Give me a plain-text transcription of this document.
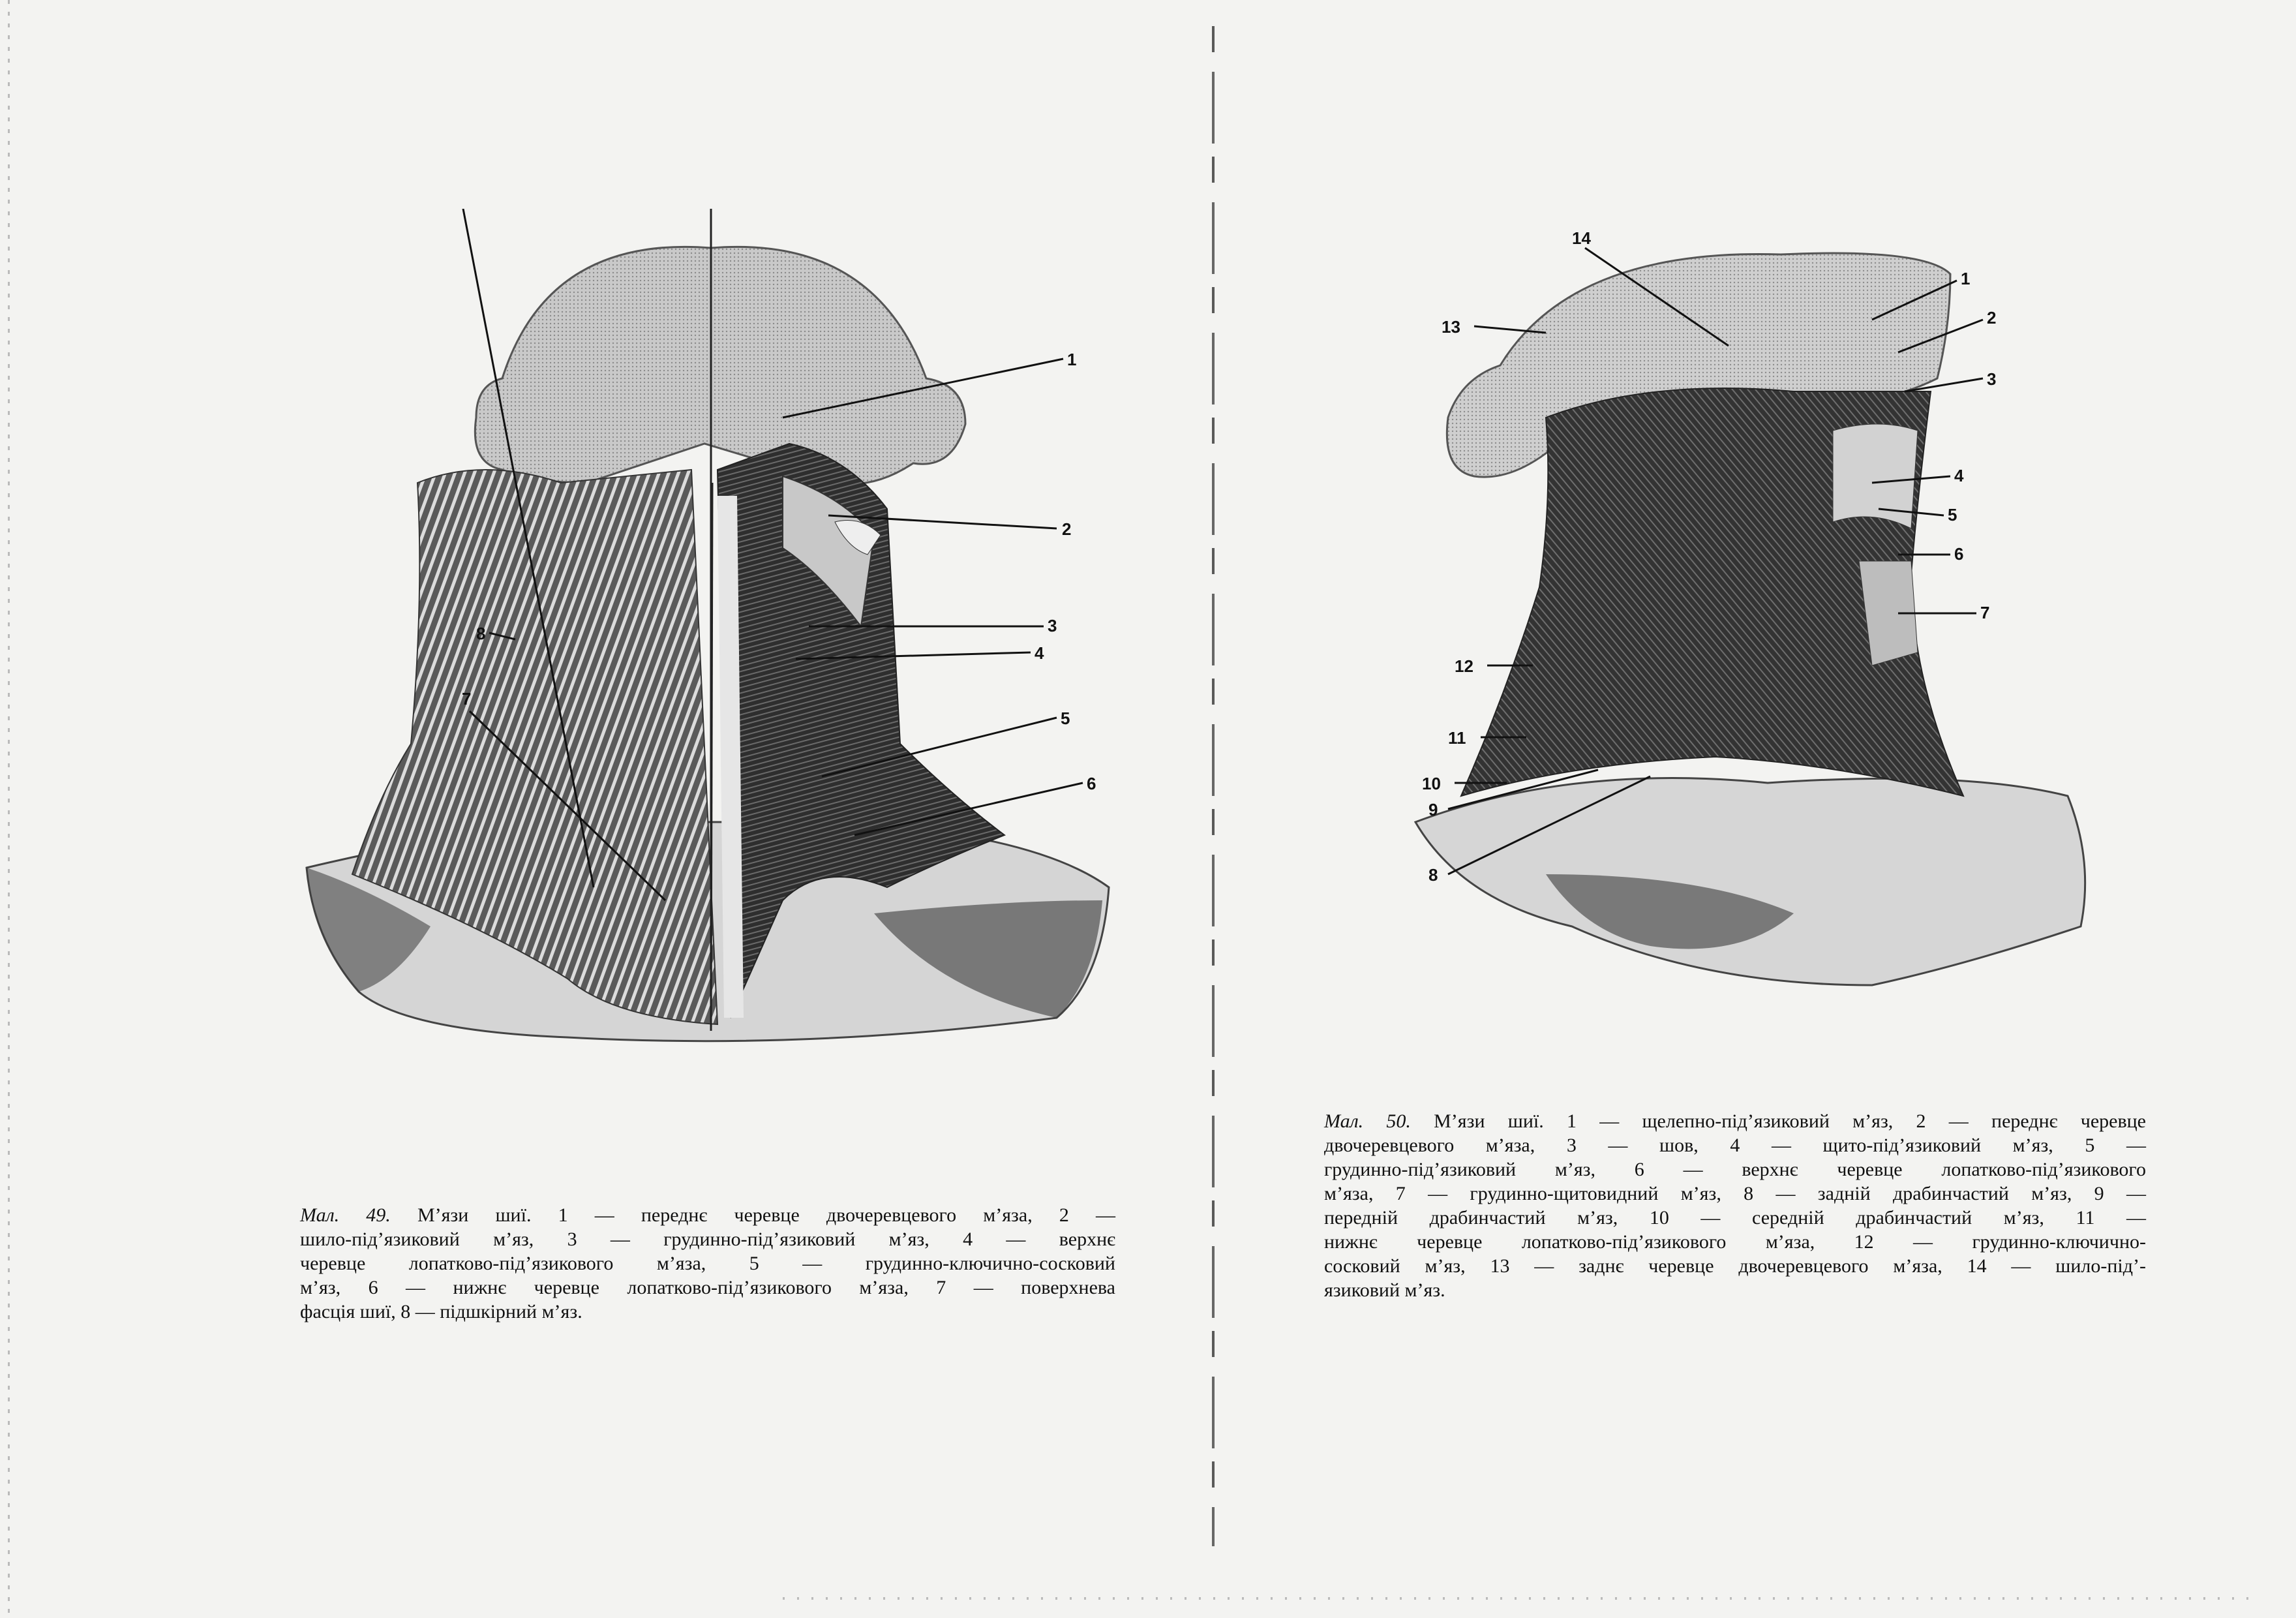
1
2
3
4
5
6
7
8
14
1
2
3
4
5
6
7
13
12
11
10
9
8
Мал. 49. М’язи шиї. 1 — переднє черевце двочеревцевого м’яза, 2 —
шило-під’язиковий м’яз, 3 — грудинно-під’язиковий м’яз, 4 — верхнє
черевце лопатково-під’язикового м’яза, 5 — грудинно-ключично-сосковий
м’яз, 6 — нижнє черевце лопатково-під’язикового м’яза, 7 — поверхнева
фасція шиї, 8 — підшкірний м’яз.
Мал. 50. М’язи шиї. 1 — щелепно-під’язиковий м’яз, 2 — переднє черевце
двочеревцевого м’яза, 3 — шов, 4 — щито-під’язиковий м’яз, 5 —
грудинно-під’язиковий м’яз, 6 — верхнє черевце лопатково-під’язикового
м’яза, 7 — грудинно-щитовидний м’яз, 8 — задній драбинчастий м’яз, 9 —
передній драбинчастий м’яз, 10 — середній драбинчастий м’яз, 11 —
нижнє черевце лопатково-під’язикового м’яза, 12 — грудинно-ключично-
сосковий м’яз, 13 — заднє черевце двочеревцевого м’яза, 14 — шило-під’-
язиковий м’яз.
